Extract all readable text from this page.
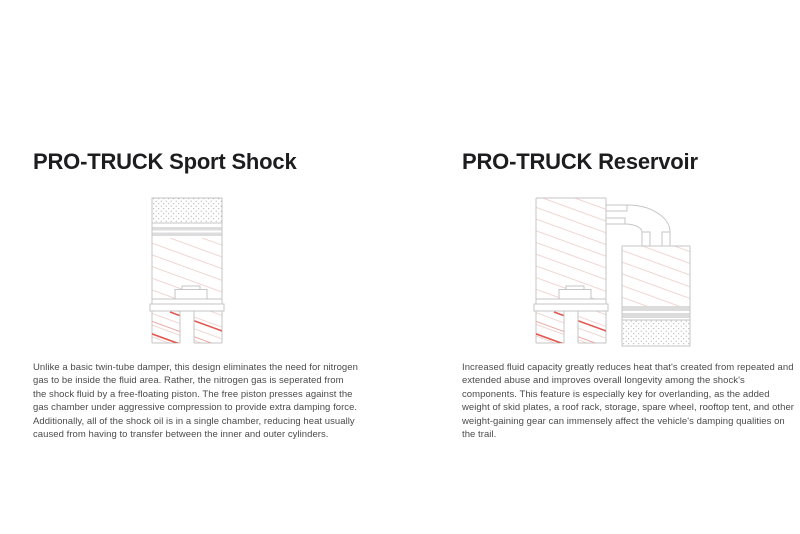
PRO-TRUCK Sport Shock	PRO-TRUCK Reservoir

Unlike a basic twin-tube damper, this design eliminates the need for nitrogen gas to be inside the fluid area. Rather, the nitrogen gas is seperated from the shock fluid by a free-floating piston. The free piston presses against the gas chamber under aggressive compression to provide extra damping force. Additionally, all of the shock oil is in a single chamber, reducing heat usually caused from having to transfer between the inner and outer cylinders.

Increased fluid capacity greatly reduces heat that's created from repeated and extended abuse and improves overall longevity among the shock's components. This feature is especially key for overlanding, as the added weight of skid plates, a roof rack, storage, spare wheel, rooftop tent, and other weight-gaining gear can immensely affect the vehicle's damping qualities on the trail.
